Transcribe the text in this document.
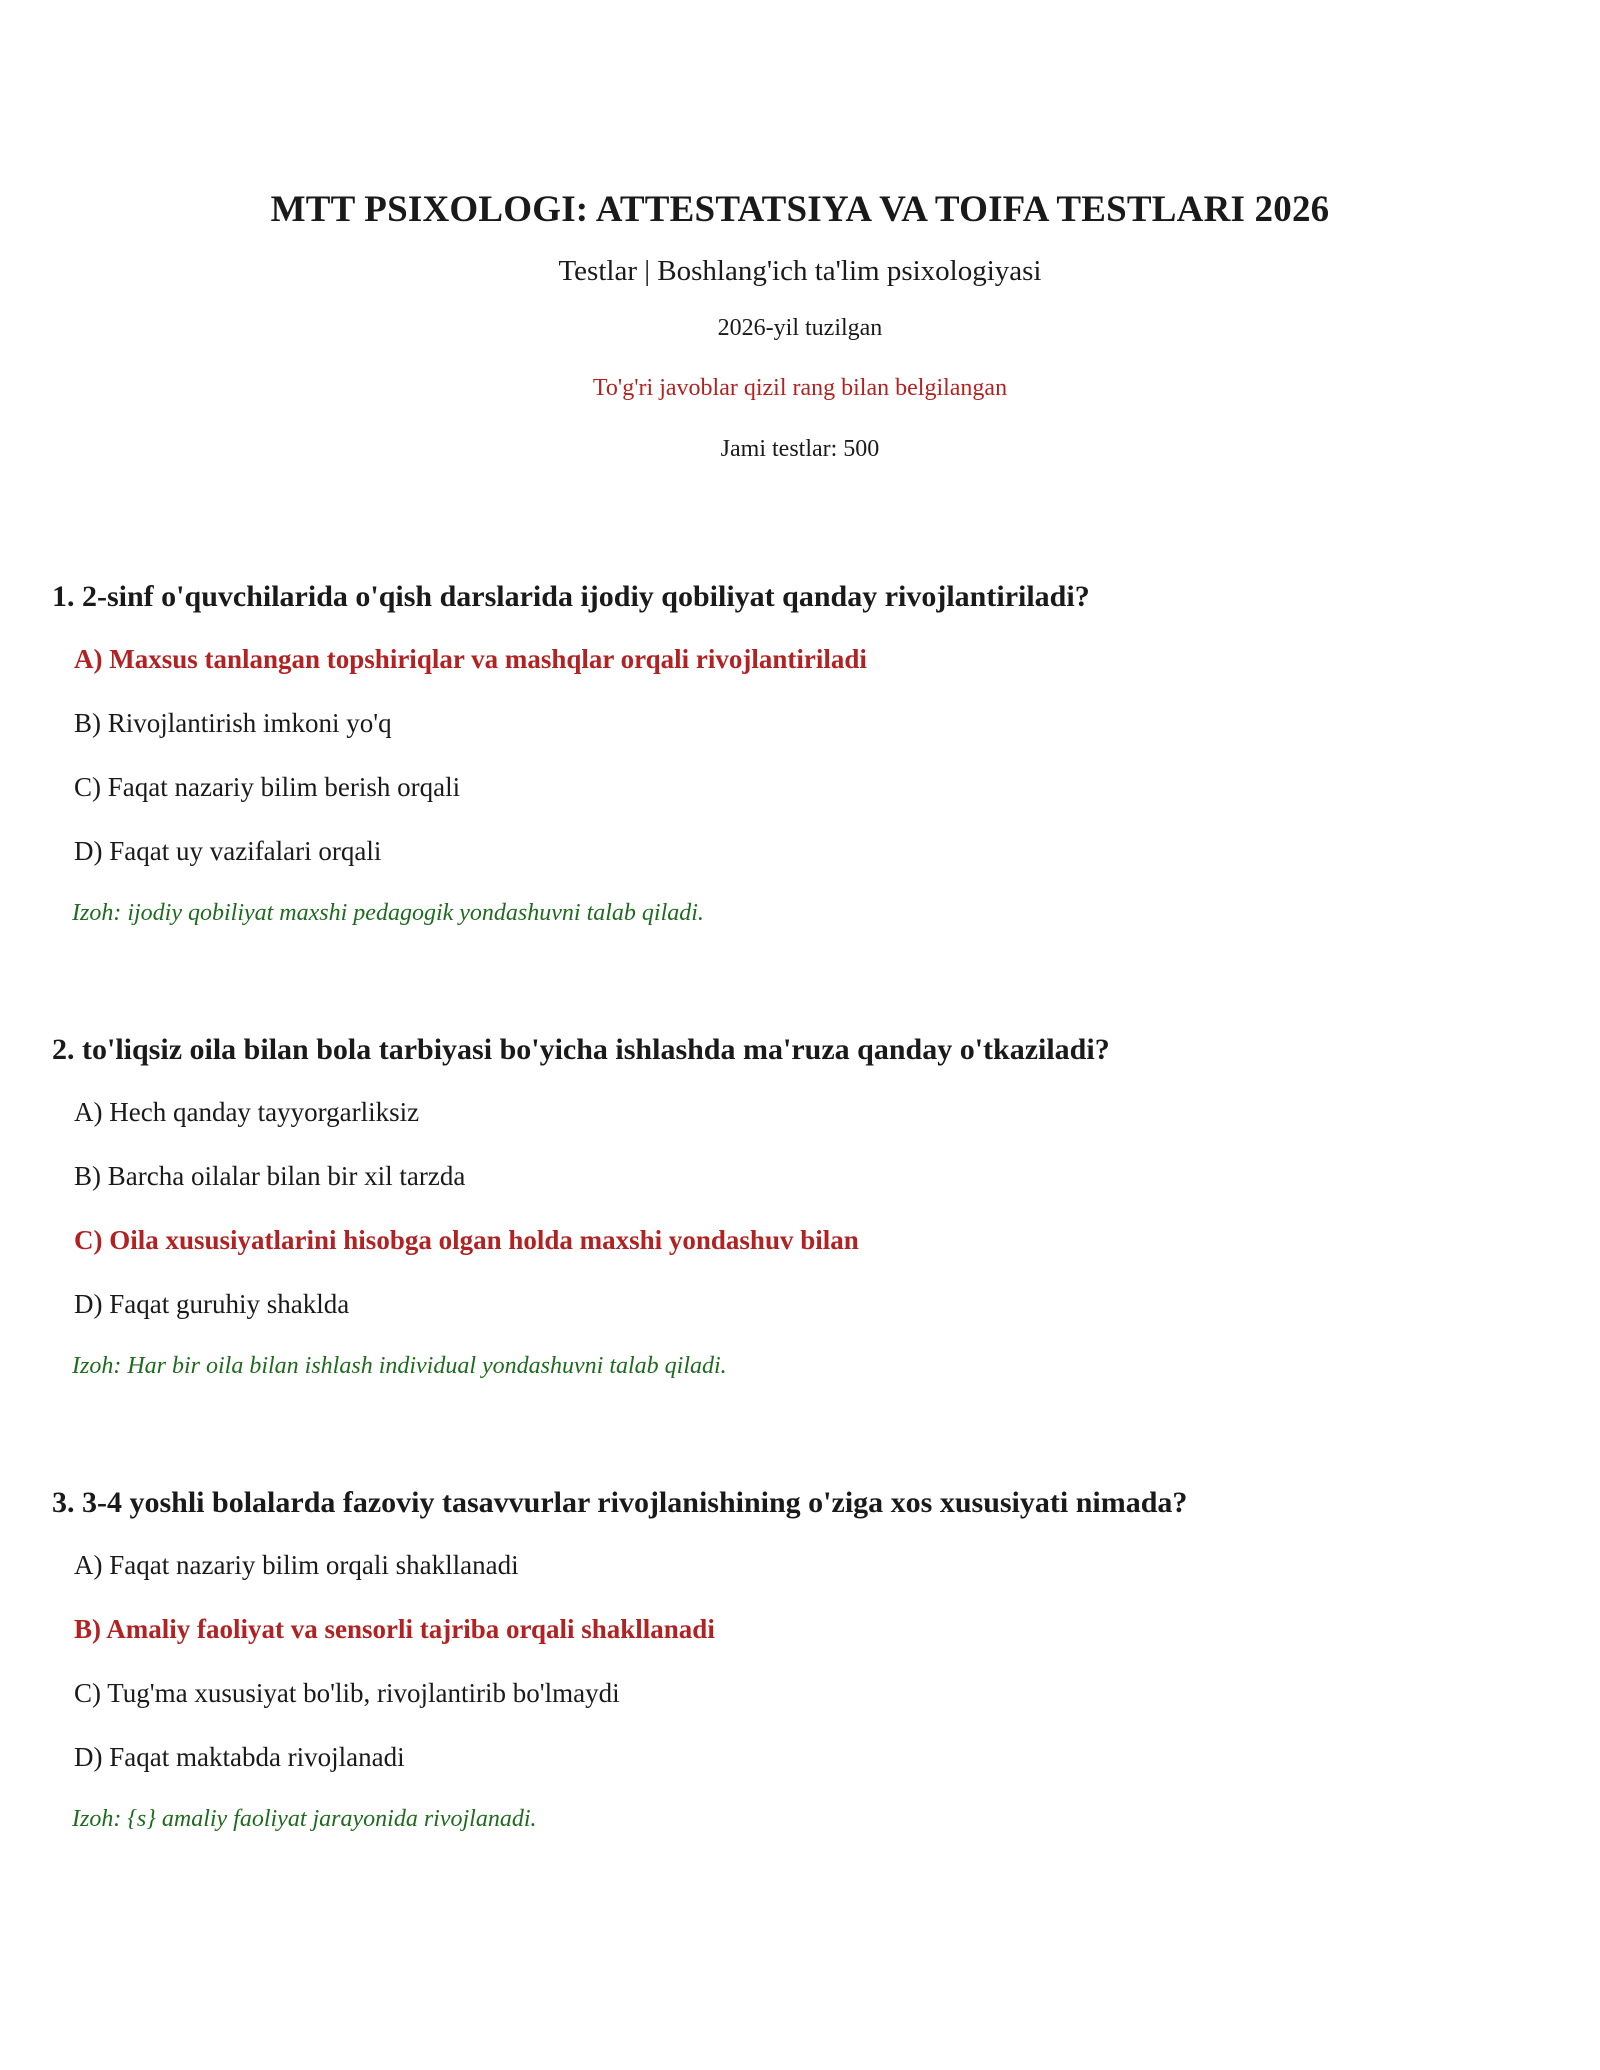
MTT PSIXOLOGI: ATTESTATSIYA VA TOIFA TESTLARI 2026
Testlar | Boshlang'ich ta'lim psixologiyasi
2026-yil tuzilgan
To'g'ri javoblar qizil rang bilan belgilangan
Jami testlar: 500
1. 2-sinf o'quvchilarida o'qish darslarida ijodiy qobiliyat qanday rivojlantiriladi?
A) Maxsus tanlangan topshiriqlar va mashqlar orqali rivojlantiriladi
B) Rivojlantirish imkoni yo'q
C) Faqat nazariy bilim berish orqali
D) Faqat uy vazifalari orqali
Izoh: ijodiy qobiliyat maxshi pedagogik yondashuvni talab qiladi.
2. to'liqsiz oila bilan bola tarbiyasi bo'yicha ishlashda ma'ruza qanday o'tkaziladi?
A) Hech qanday tayyorgarliksiz
B) Barcha oilalar bilan bir xil tarzda
C) Oila xususiyatlarini hisobga olgan holda maxshi yondashuv bilan
D) Faqat guruhiy shaklda
Izoh: Har bir oila bilan ishlash individual yondashuvni talab qiladi.
3. 3-4 yoshli bolalarda fazoviy tasavvurlar rivojlanishining o'ziga xos xususiyati nimada?
A) Faqat nazariy bilim orqali shakllanadi
B) Amaliy faoliyat va sensorli tajriba orqali shakllanadi
C) Tug'ma xususiyat bo'lib, rivojlantirib bo'lmaydi
D) Faqat maktabda rivojlanadi
Izoh: {s} amaliy faoliyat jarayonida rivojlanadi.
